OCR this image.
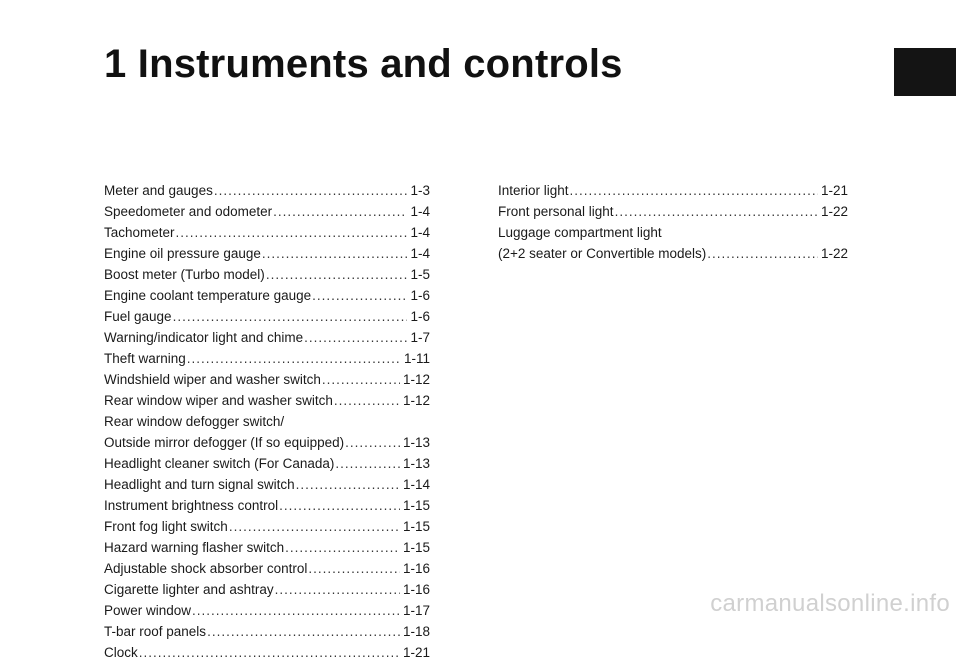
1 Instruments and controls
Meter and gauges .....	1-3
Speedometer and odometer .....	1-4
Tachometer .....	1-4
Engine oil pressure gauge .....	1-4
Boost meter (Turbo model) .....	1-5
Engine coolant temperature gauge .....	1-6
Fuel gauge .....	1-6
Warning/indicator light and chime .....	1-7
Theft warning .....	1-11
Windshield wiper and washer switch .....	1-12
Rear window wiper and washer switch .....	1-12
Rear window defogger switch/
Outside mirror defogger (If so equipped) .....	1-13
Headlight cleaner switch (For Canada) .....	1-13
Headlight and turn signal switch .....	1-14
Instrument brightness control .....	1-15
Front fog light switch .....	1-15
Hazard warning flasher switch .....	1-15
Adjustable shock absorber control .....	1-16
Cigarette lighter and ashtray .....	1-16
Power window .....	1-17
T-bar roof panels .....	1-18
Clock .....	1-21
Interior light .....	1-21
Front personal light .....	1-22
Luggage compartment light
(2+2 seater or Convertible models) .....	1-22
carmanualsonline.info
